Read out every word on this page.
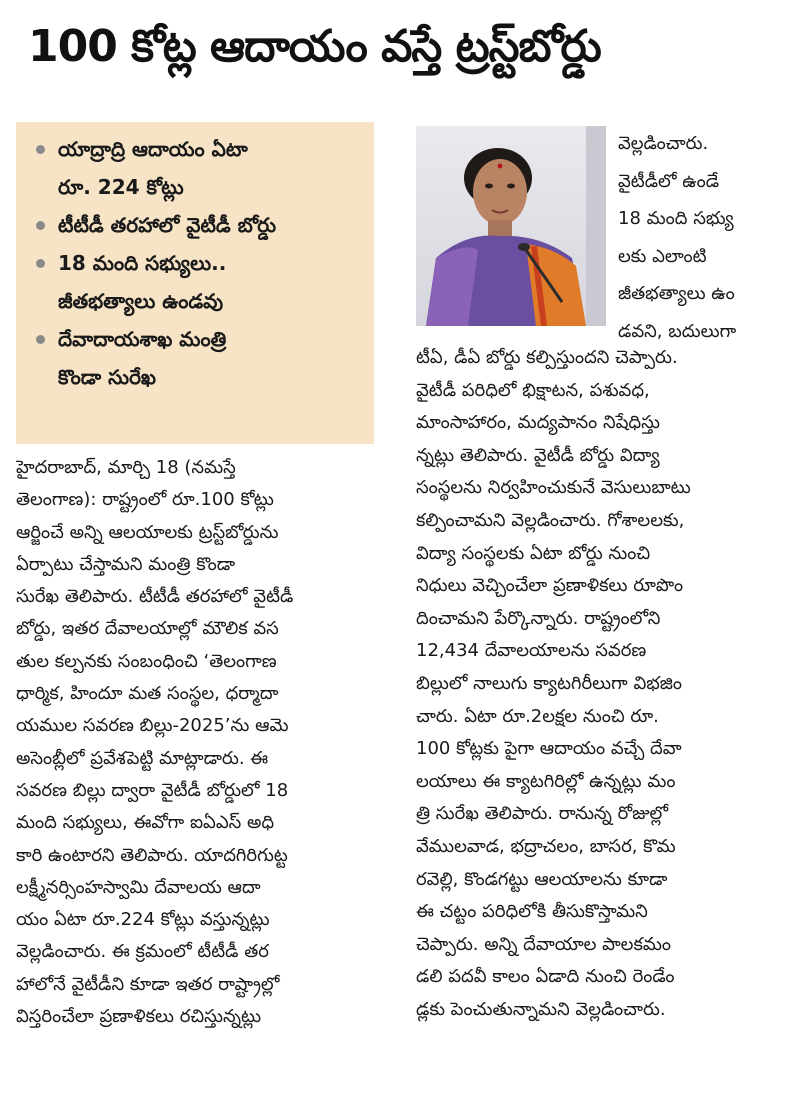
100 కోట్ల ఆదాయం వస్తే ట్రస్ట్‌బోర్డు
యాద్రాద్రి ఆదాయం ఏటా
రూ. 224 కోట్లు
టీటీడీ తరహాలో వైటీడీ బోర్డు
18 మంది సభ్యులు..
జీతభత్యాలు ఉండవు
దేవాదాయశాఖ మంత్రి
కొండా సురేఖ
వెల్లడించారు.
వైటీడీలో ఉండే
18 మంది సభ్యు
లకు ఎలాంటి
జీతభత్యాలు ఉం
డవని, బదులుగా
టీఏ, డీఏ బోర్డు కల్పిస్తుందని చెప్పారు.
వైటీడీ పరిధిలో భిక్షాటన, పశువధ,
మాంసాహారం, మద్యపానం నిషేధిస్తు
న్నట్లు తెలిపారు. వైటీడీ బోర్డు విద్యా
సంస్థలను నిర్వహించుకునే వెసులుబాటు
కల్పించామని వెల్లడించారు. గోశాలలకు,
విద్యా సంస్థలకు ఏటా బోర్డు నుంచి
నిధులు వెచ్చించేలా ప్రణాళికలు రూపొం
దించామని పేర్కొన్నారు. రాష్ట్రంలోని
12,434 దేవాలయాలను సవరణ
బిల్లులో నాలుగు క్యాటగిరీలుగా విభజిం
చారు. ఏటా రూ.2లక్షల నుంచి రూ.
100 కోట్లకు పైగా ఆదాయం వచ్చే దేవా
లయాలు ఈ క్యాటగిరిల్లో ఉన్నట్లు మం
త్రి సురేఖ తెలిపారు. రానున్న రోజుల్లో
వేములవాడ, భద్రాచలం, బాసర, కొమ
రవెల్లి, కొండగట్టు ఆలయాలను కూడా
ఈ చట్టం పరిధిలోకి తీసుకొస్తామని
చెప్పారు. అన్ని దేవాయాల పాలకమం
డలి పదవీ కాలం ఏడాది నుంచి రెండేం
డ్లకు పెంచుతున్నామని వెల్లడించారు.
హైదరాబాద్, మార్చి 18 (నమస్తే
తెలంగాణ): రాష్ట్రంలో రూ.100 కోట్లు
ఆర్జించే అన్ని ఆలయాలకు ట్రస్ట్‌బోర్డును
ఏర్పాటు చేస్తామని మంత్రి కొండా
సురేఖ తెలిపారు. టీటీడీ తరహాలో వైటీడీ
బోర్డు, ఇతర దేవాలయాల్లో మౌలిక వస
తుల కల్పనకు సంబంధించి ‘తెలంగాణ
ధార్మిక, హిందూ మత సంస్థల, ధర్మాదా
యముల సవరణ బిల్లు-2025’ను ఆమె
అసెంబ్లీలో ప్రవేశపెట్టి మాట్లాడారు. ఈ
సవరణ బిల్లు ద్వారా వైటీడీ బోర్డులో 18
మంది సభ్యులు, ఈవోగా ఐఏఎస్ అధి
కారి ఉంటారని తెలిపారు. యాదగిరిగుట్ట
లక్ష్మీనర్సింహస్వామి దేవాలయ ఆదా
యం ఏటా రూ.224 కోట్లు వస్తున్నట్లు
వెల్లడించారు. ఈ క్రమంలో టీటీడీ తర
హాలోనే వైటీడీని కూడా ఇతర రాష్ట్రాల్లో
విస్తరించేలా ప్రణాళికలు రచిస్తున్నట్లు
